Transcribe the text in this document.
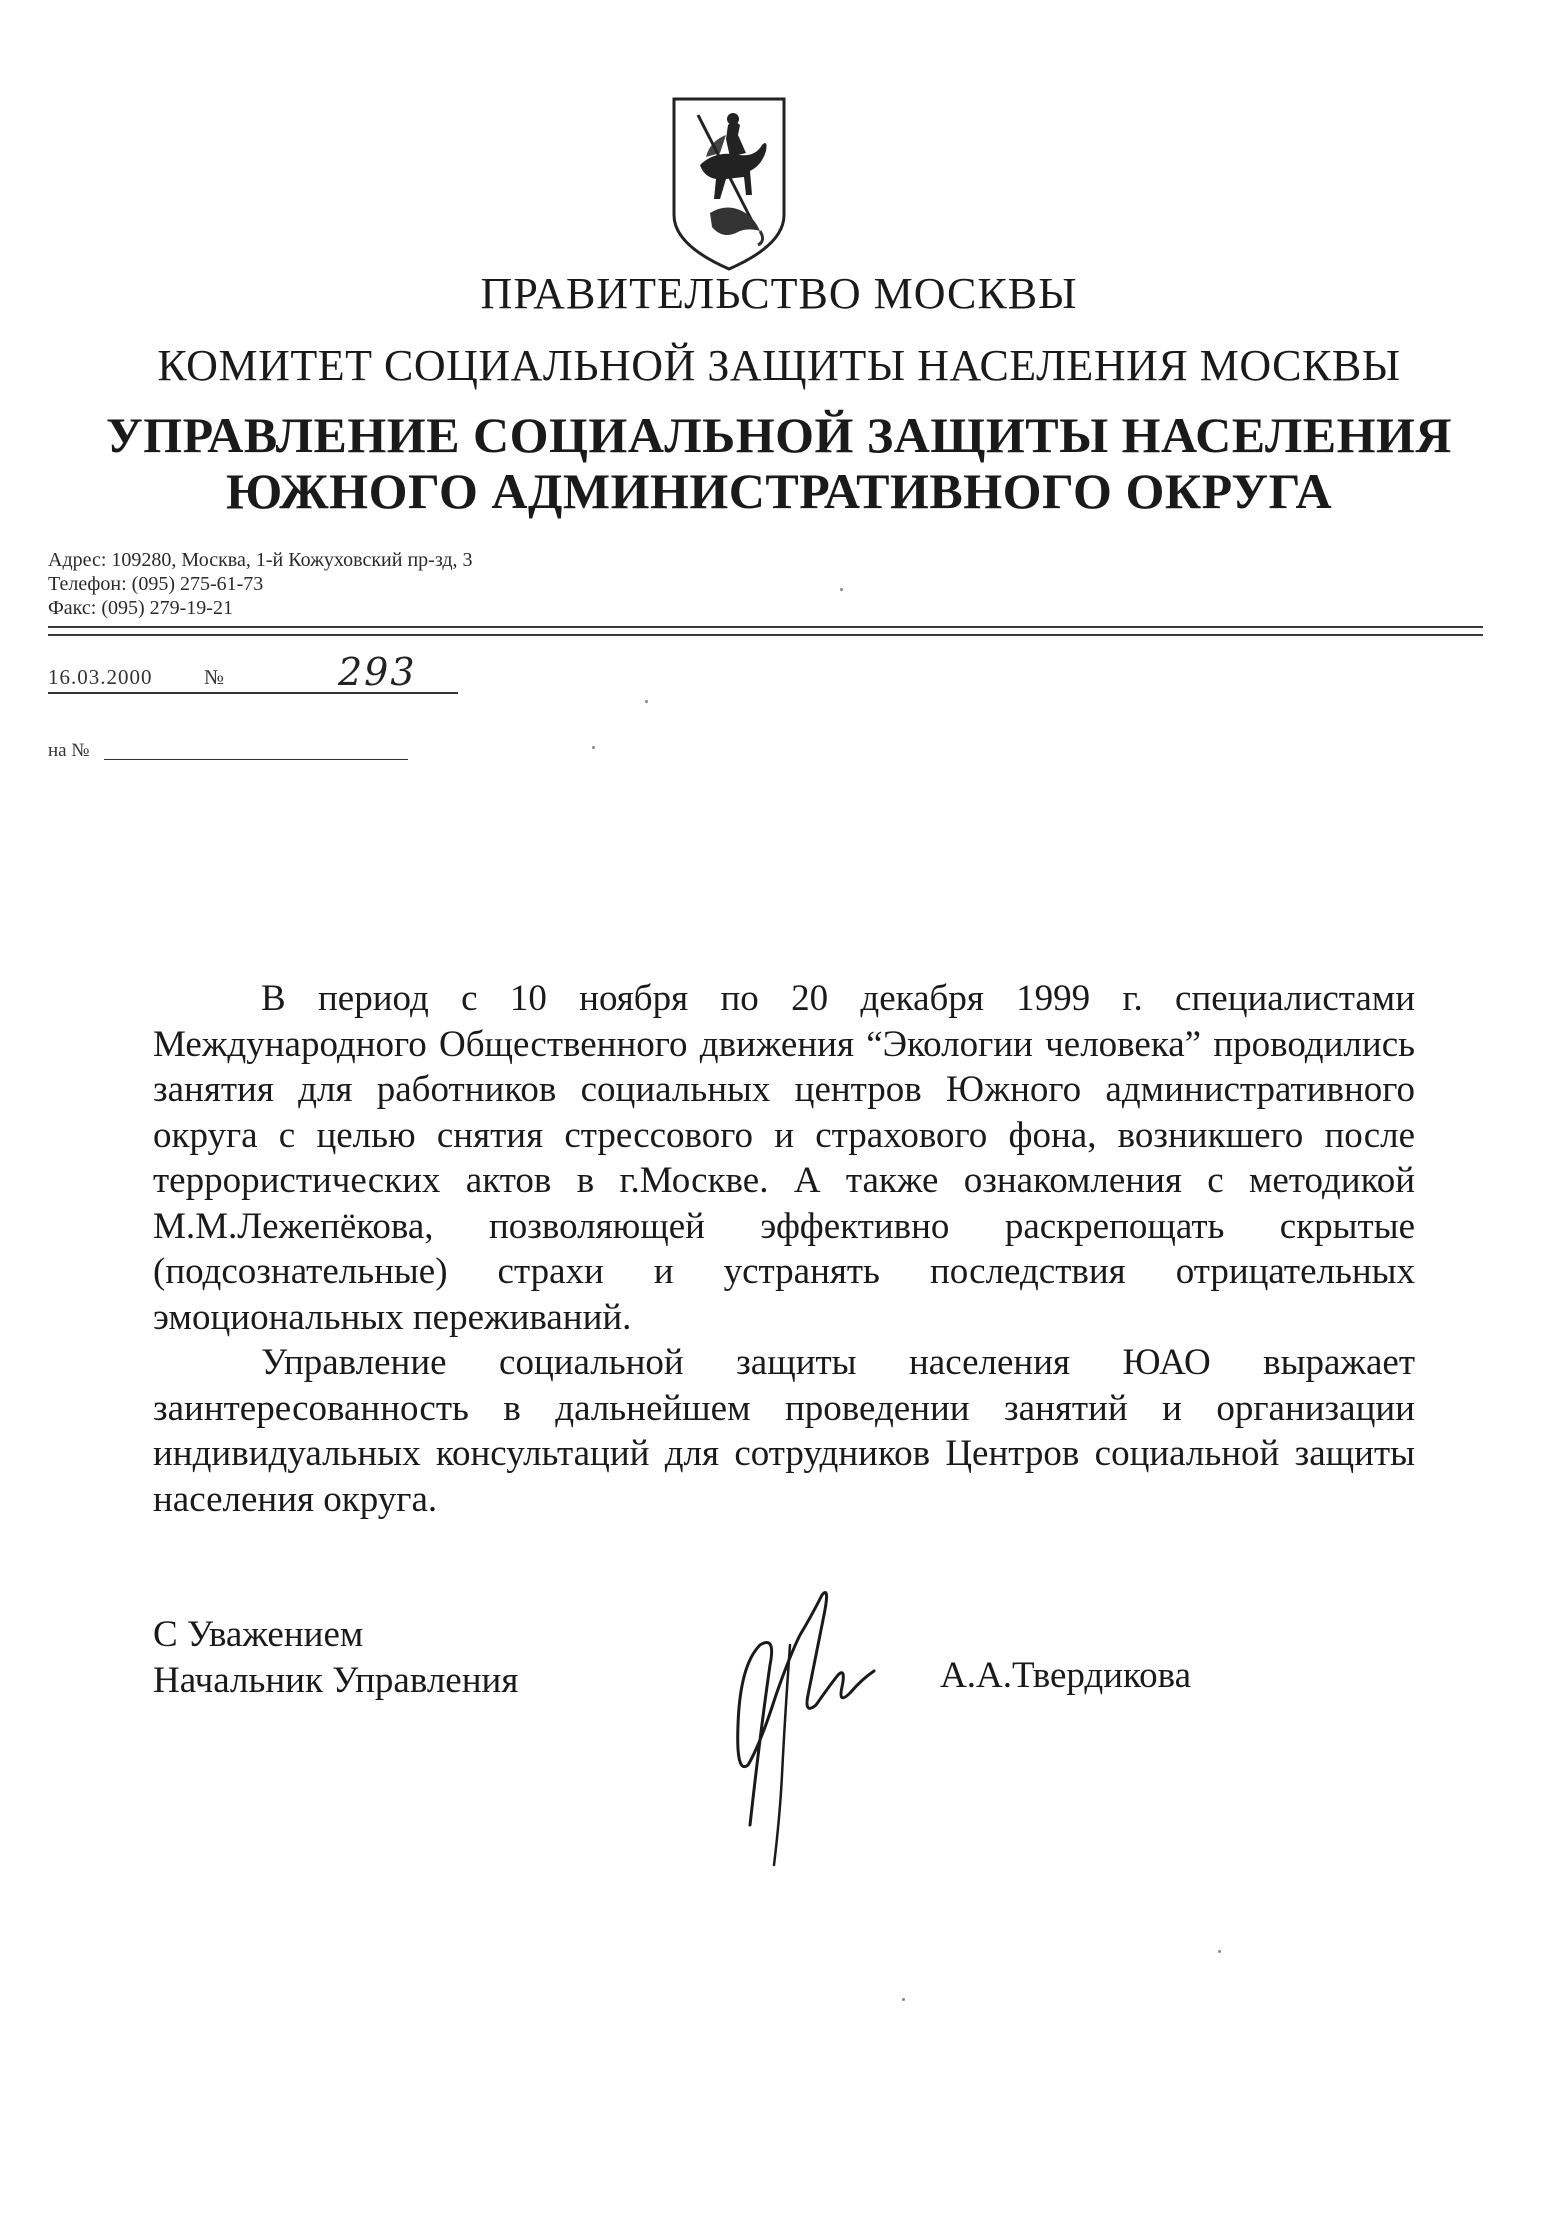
ПРАВИТЕЛЬСТВО МОСКВЫ
КОМИТЕТ СОЦИАЛЬНОЙ ЗАЩИТЫ НАСЕЛЕНИЯ МОСКВЫ
УПРАВЛЕНИЕ СОЦИАЛЬНОЙ ЗАЩИТЫ НАСЕЛЕНИЯ
ЮЖНОГО АДМИНИСТРАТИВНОГО ОКРУГА
Адрес: 109280, Москва, 1-й Кожуховский пр-зд, 3
Телефон: (095) 275-61-73
Факс: (095) 279-19-21
16.03.2000 №	293
на №

В период с 10 ноября по 20 декабря 1999 г. специалистами Международного Общественного движения “Экологии человека” проводились занятия для работников социальных центров Южного административного округа с целью снятия стрессового и страхового фона, возникшего после террористических актов в г.Москве. А также ознакомления с методикой М.М.Лежепёкова, позволяющей эффективно раскрепощать скрытые (подсознательные) страхи и устранять последствия отрицательных эмоциональных переживаний.

Управление социальной защиты населения ЮАО выражает заинтересованность в дальнейшем проведении занятий и организации индивидуальных консультаций для сотрудников Центров социальной защиты населения округа.

С Уважением
Начальник Управления	А.А.Твердикова
